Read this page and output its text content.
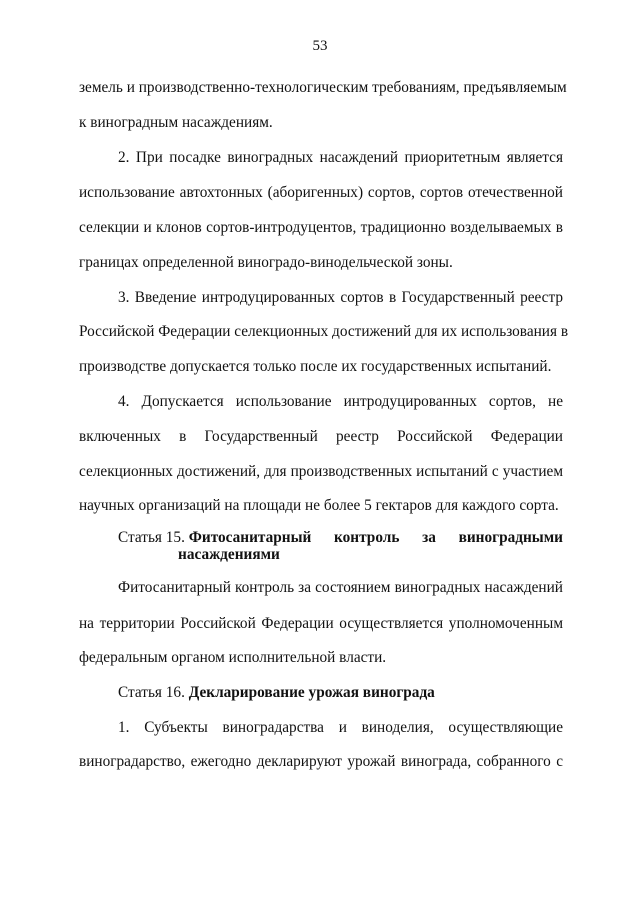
53
земель и производственно-технологическим требованиям, предъявляемым
к виноградным насаждениям.
2. При посадке виноградных насаждений приоритетным является
использование автохтонных (аборигенных) сортов, сортов отечественной
селекции и клонов сортов-интродуцентов, традиционно возделываемых в
границах определенной виноградо-винодельческой зоны.
3. Введение интродуцированных сортов в Государственный реестр
Российской Федерации селекционных достижений для их использования в
производстве допускается только после их государственных испытаний.
4. Допускается использование интродуцированных сортов, не
включенных в Государственный реестр Российской Федерации
селекционных достижений, для производственных испытаний с участием
научных организаций на площади не более 5 гектаров для каждого сорта.
Статья 15. Фитосанитарный контроль за виноградными
насаждениями
Фитосанитарный контроль за состоянием виноградных насаждений
на территории Российской Федерации осуществляется уполномоченным
федеральным органом исполнительной власти.
Статья 16. Декларирование урожая винограда
1. Субъекты виноградарства и виноделия, осуществляющие
виноградарство, ежегодно декларируют урожай винограда, собранного с
